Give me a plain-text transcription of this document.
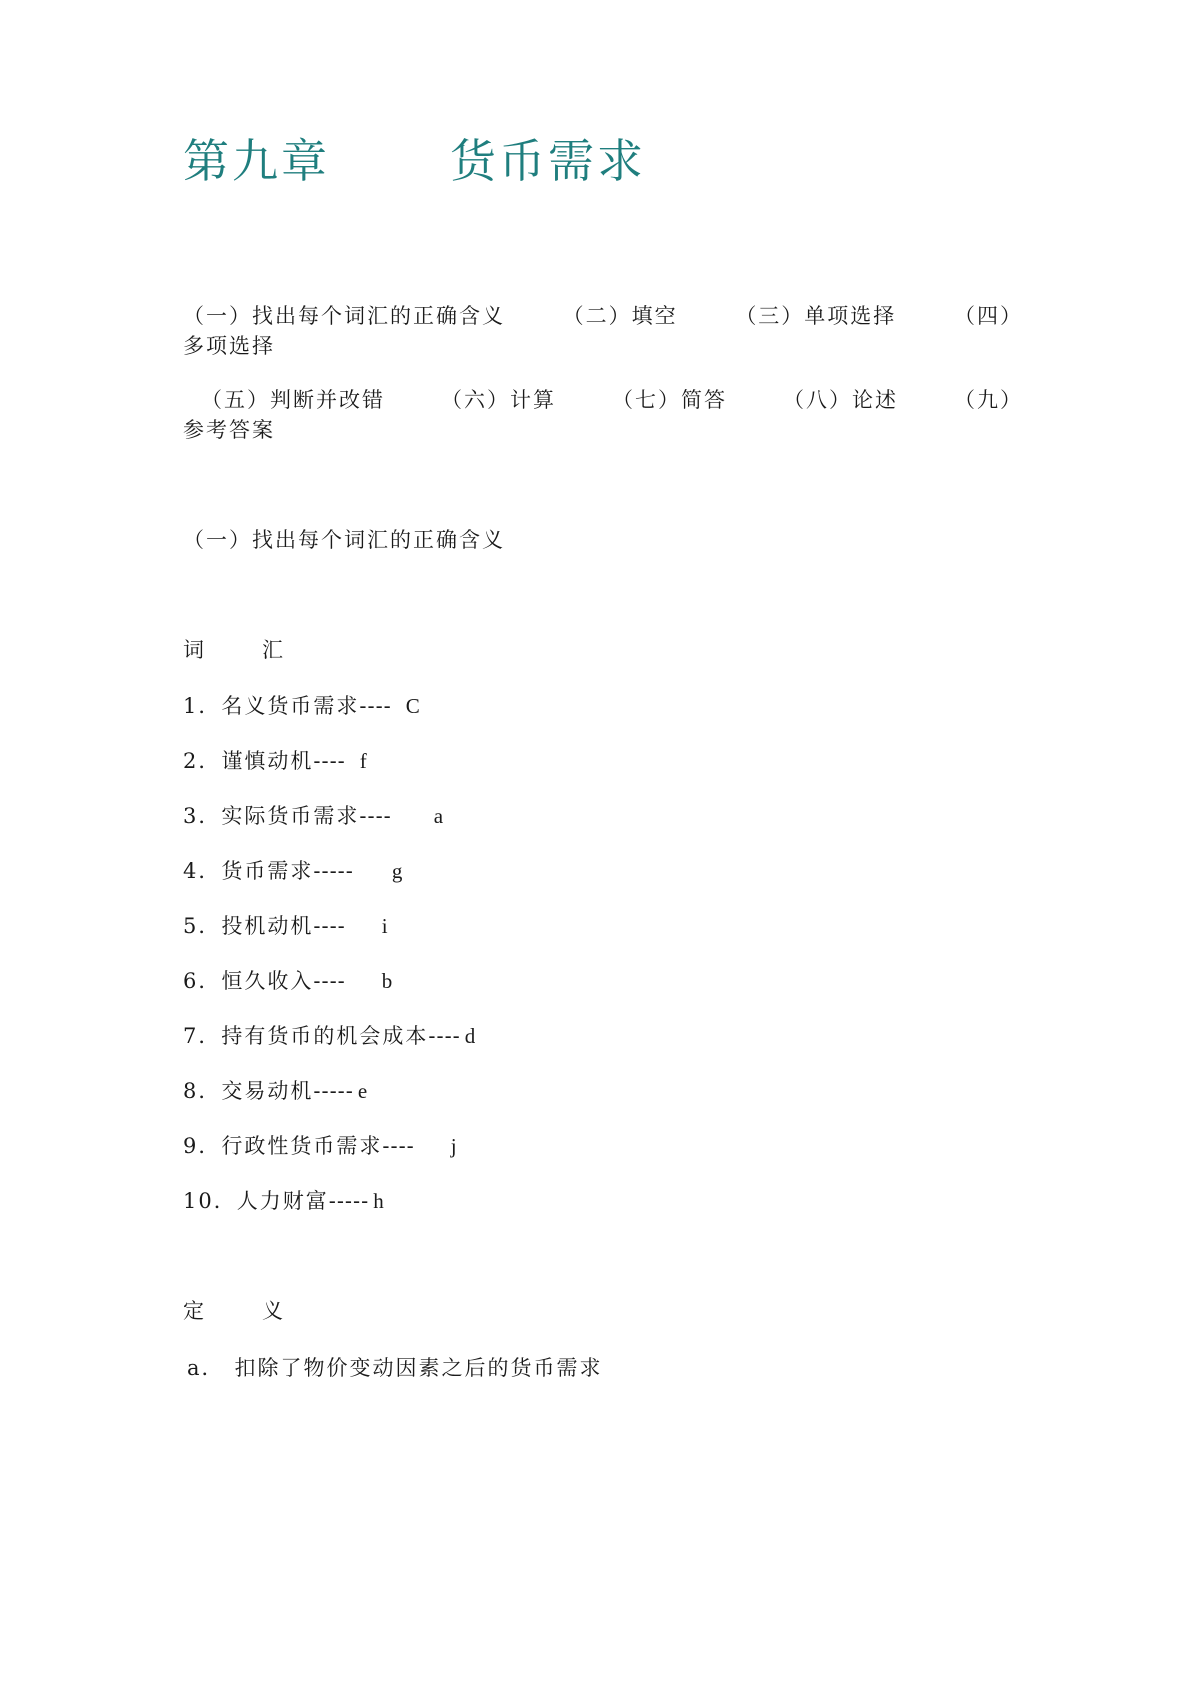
第九章	货币需求
（一）找出每个词汇的正确含义	（二）填空	（三）单项选择	（四）
多项选择
（五）判断并改错	（六）计算	（七）简答	（八）论述	（九）
参考答案
（一）找出每个词汇的正确含义
词	汇
1．名义货币需求---- C
2．谨慎动机---- f
3．实际货币需求---- a
4．货币需求----- g
5．投机动机---- i
6．恒久收入---- b
7．持有货币的机会成本---- d
8．交易动机----- e
9．行政性货币需求---- j
10．人力财富----- h
定	义
a． 扣除了物价变动因素之后的货币需求
